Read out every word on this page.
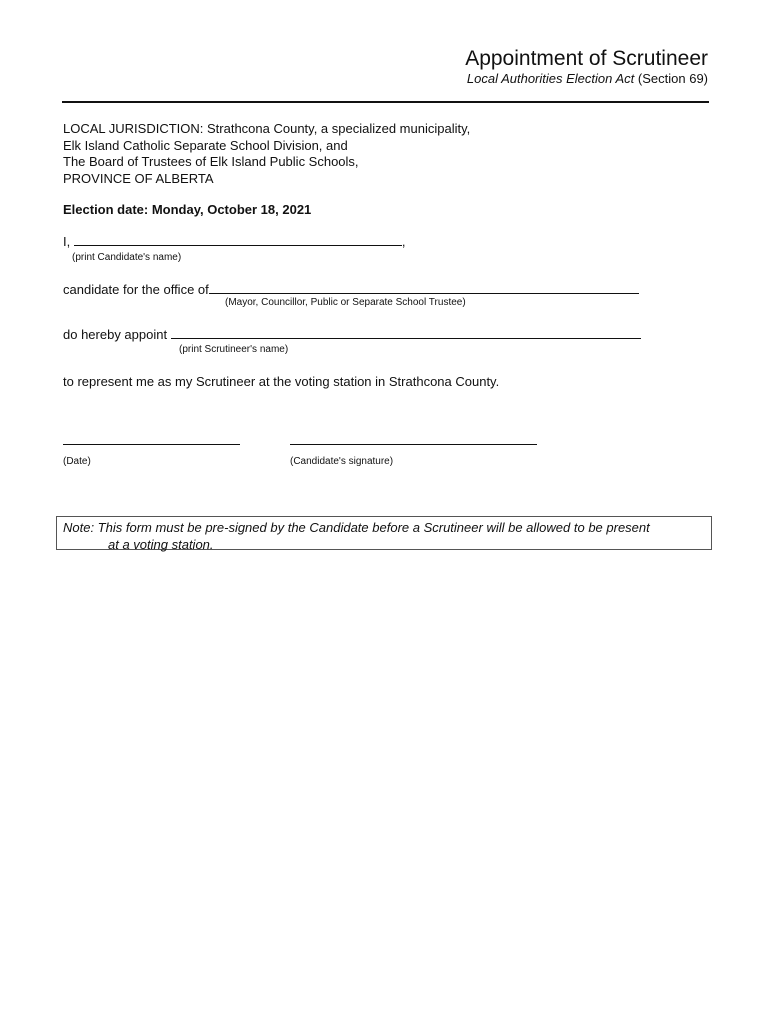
Appointment of Scrutineer
Local Authorities Election Act (Section 69)
LOCAL JURISDICTION: Strathcona County, a specialized municipality,
Elk Island Catholic Separate School Division, and
The Board of Trustees of Elk Island Public Schools,
PROVINCE OF ALBERTA
Election date: Monday, October 18, 2021
I,	,
(print Candidate's name)
candidate for the office of
(Mayor, Councillor, Public or Separate School Trustee)
do hereby appoint
(print Scrutineer's name)
to represent me as my Scrutineer at the voting station in Strathcona County.
(Date)	(Candidate's signature)
Note: This form must be pre-signed by the Candidate before a Scrutineer will be allowed to be present
at a voting station.
